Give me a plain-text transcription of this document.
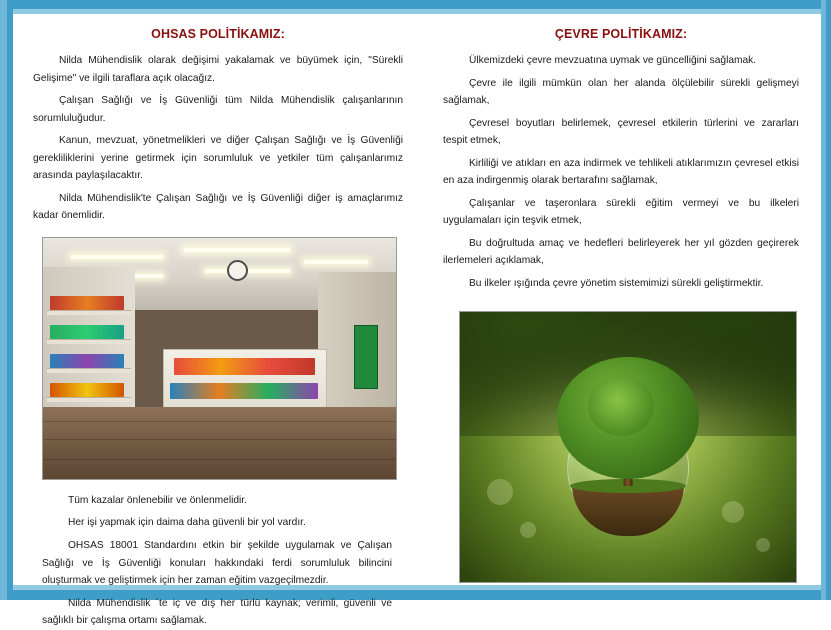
OHSAS POLİTİKAMIZ:

Nilda Mühendislik olarak değişimi yakalamak ve büyümek için, "Sürekli Gelişime" ve ilgili taraflara açık olacağız.

Çalışan Sağlığı ve İş Güvenliği tüm Nilda Mühendislik çalışanlarının sorumluluğudur.

Kanun, mevzuat, yönetmelikleri ve diğer Çalışan Sağlığı ve İş Güvenliği gerekliliklerini yerine getirmek için sorumluluk ve yetkiler tüm çalışanlarımız arasında paylaşılacaktır.

Nilda Mühendislik'te Çalışan Sağlığı ve İş Güvenliği diğer iş amaçlarımız kadar önemlidir.

Tüm kazalar önlenebilir ve önlenmelidir.

Her işi yapmak için daima daha güvenli bir yol vardır.

OHSAS 18001 Standardını etkin bir şekilde uygulamak ve Çalışan Sağlığı ve İş Güvenliği konuları hakkındaki ferdi sorumluluk bilincini oluşturmak ve geliştirmek için her zaman eğitim vazgeçilmezdir.

Nilda Mühendislik ´te iç ve dış her türlü kaynak; verimli, güvenli ve sağlıklı bir çalışma ortamı sağlamak.

ÇEVRE POLİTİKAMIZ:

Ülkemizdeki çevre mevzuatına uymak ve güncelliğini sağlamak.

Çevre ile ilgili mümkün olan her alanda ölçülebilir sürekli gelişmeyi sağlamak,

Çevresel boyutları belirlemek, çevresel etkilerin türlerini ve zararları tespit etmek,

Kirliliği ve atıkları en aza indirmek ve tehlikeli atıklarımızın çevresel etkisi en aza indirgenmiş olarak bertarafını sağlamak,

Çalışanlar ve taşeronlara sürekli eğitim vermeyi ve bu ilkeleri uygulamaları için teşvik etmek,

Bu doğrultuda amaç ve hedefleri belirleyerek her yıl gözden geçirerek ilerlemeleri açıklamak,

Bu ilkeler ışığında çevre yönetim sistemimizi sürekli geliştirmektir.
